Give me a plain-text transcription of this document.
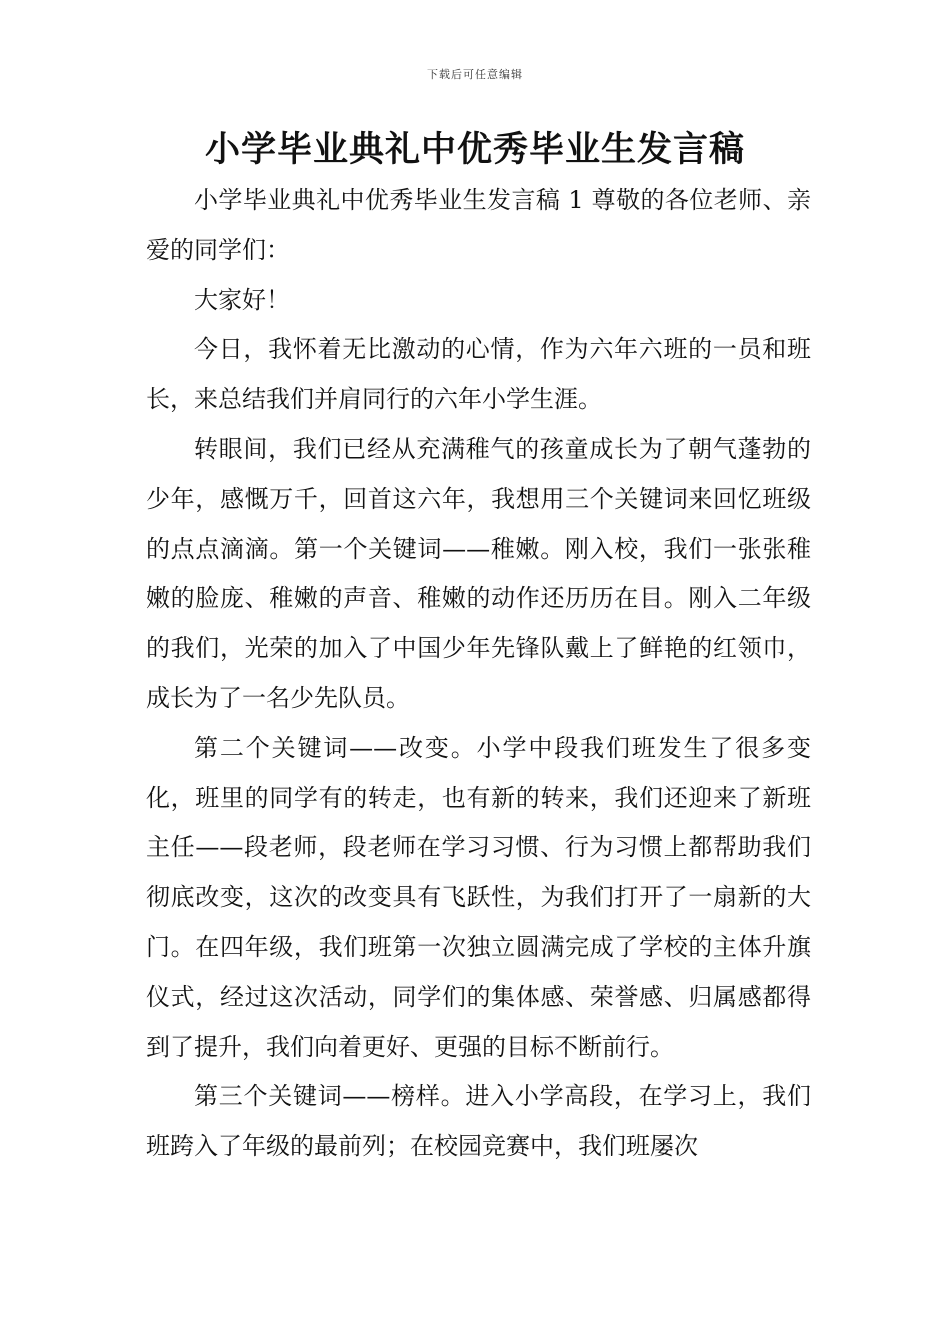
下载后可任意编辑
小学毕业典礼中优秀毕业生发言稿

小学毕业典礼中优秀毕业生发言稿 1 尊敬的各位老师、亲爱的同学们：

大家好！

今日，我怀着无比激动的心情，作为六年六班的一员和班长，来总结我们并肩同行的六年小学生涯。

转眼间，我们已经从充满稚气的孩童成长为了朝气蓬勃的少年，感慨万千，回首这六年，我想用三个关键词来回忆班级的点点滴滴。第一个关键词——稚嫩。刚入校，我们一张张稚嫩的脸庞、稚嫩的声音、稚嫩的动作还历历在目。刚入二年级的我们，光荣的加入了中国少年先锋队戴上了鲜艳的红领巾，成长为了一名少先队员。

第二个关键词——改变。小学中段我们班发生了很多变化，班里的同学有的转走，也有新的转来，我们还迎来了新班主任——段老师，段老师在学习习惯、行为习惯上都帮助我们彻底改变，这次的改变具有飞跃性，为我们打开了一扇新的大门。在四年级，我们班第一次独立圆满完成了学校的主体升旗仪式，经过这次活动，同学们的集体感、荣誉感、归属感都得到了提升，我们向着更好、更强的目标不断前行。

第三个关键词——榜样。进入小学高段，在学习上，我们班跨入了年级的最前列；在校园竞赛中，我们班屡次
